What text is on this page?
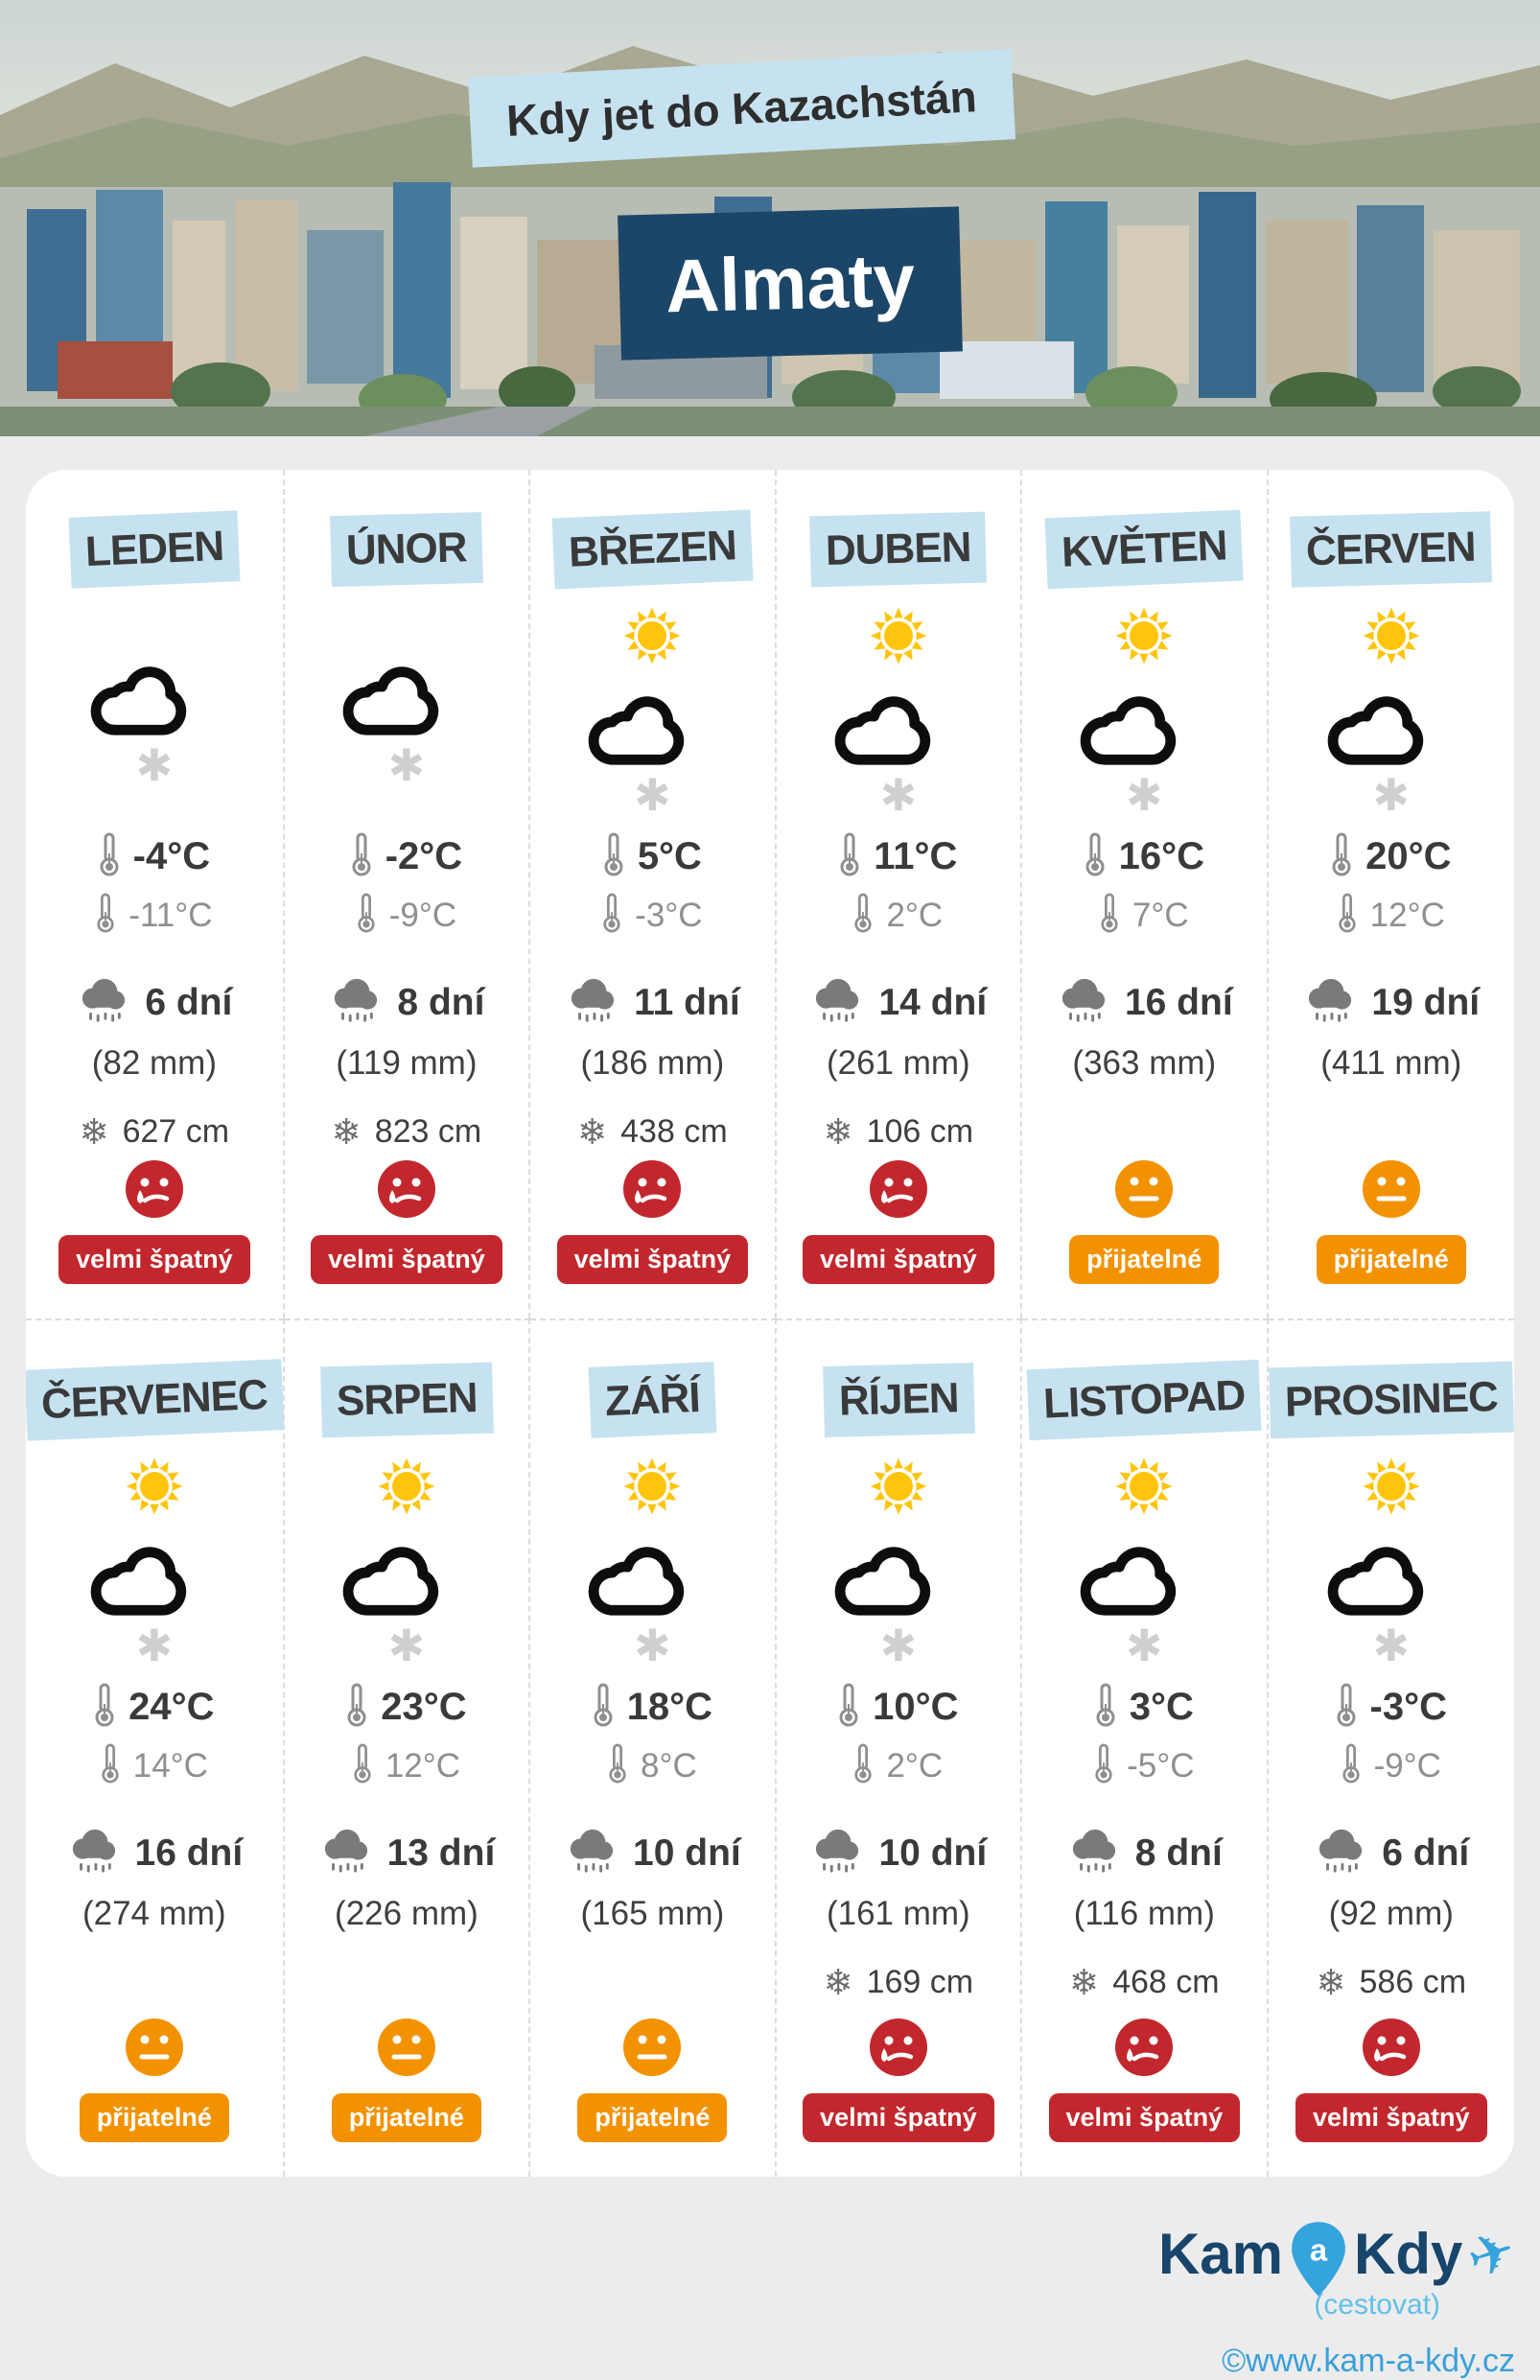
Kdy jet do Kazachstán
Almaty
LEDEN
✱
-4°C
-11°C
6 dní
(82 mm)
❄ 627 cm
velmi špatný
ÚNOR
✱
-2°C
-9°C
8 dní
(119 mm)
❄ 823 cm
velmi špatný
BŘEZEN
✱
5°C
-3°C
11 dní
(186 mm)
❄ 438 cm
velmi špatný
DUBEN
✱
11°C
2°C
14 dní
(261 mm)
❄ 106 cm
velmi špatný
KVĚTEN
✱
16°C
7°C
16 dní
(363 mm)
přijatelné
ČERVEN
✱
20°C
12°C
19 dní
(411 mm)
přijatelné
ČERVENEC
✱
24°C
14°C
16 dní
(274 mm)
přijatelné
SRPEN
✱
23°C
12°C
13 dní
(226 mm)
přijatelné
ZÁŘÍ
✱
18°C
8°C
10 dní
(165 mm)
přijatelné
ŘÍJEN
✱
10°C
2°C
10 dní
(161 mm)
❄ 169 cm
velmi špatný
LISTOPAD
✱
3°C
-5°C
8 dní
(116 mm)
❄ 468 cm
velmi špatný
PROSINEC
✱
-3°C
-9°C
6 dní
(92 mm)
❄ 586 cm
velmi špatný
Kam a Kdy
✈
(cestovat)
©www.kam-a-kdy.cz
